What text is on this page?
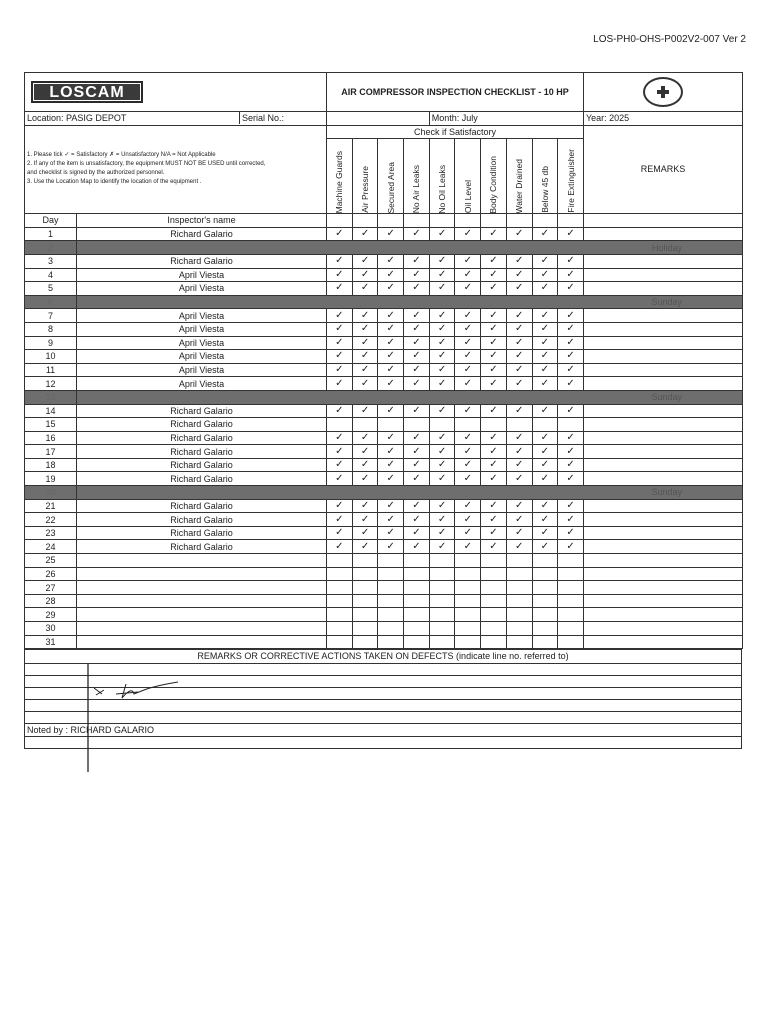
LOS-PH0-OHS-P002V2-007 Ver 2
LOSCAM		AIR COMPRESSOR INSPECTION CHECKLIST - 10 HP										

Location: PASIG DEPOT Serial No.:						Month: July						Year: 2025

1. Please tick ✓ = Satisfactory ✗ = Unsatisfactory N/A = Not Applicable
2. If any of the item is unsatisfactory, the equipment MUST NOT BE USED until corrected,
and checklist is signed by the authorized personnel.
3. Use the Location Map to identify the location of the equipment .		Check if Satisfactory										REMARKS

		Machine Guards	Air Pressure	Secured Area	No Air Leaks	No Oil Leaks	Oil Level	Body Condition	Water Drained	Below 45 db	Fire Extinguisher	

Day	Inspector's name											
1	Richard Galario	✓	✓	✓	✓	✓	✓	✓	✓	✓	✓	
2	Holiday											
3	Richard Galario	✓	✓	✓	✓	✓	✓	✓	✓	✓	✓	
4	April Viesta	✓	✓	✓	✓	✓	✓	✓	✓	✓	✓	
5	April Viesta	✓	✓	✓	✓	✓	✓	✓	✓	✓	✓	
6	Sunday											
7	April Viesta	✓	✓	✓	✓	✓	✓	✓	✓	✓	✓	
8	April Viesta	✓	✓	✓	✓	✓	✓	✓	✓	✓	✓	
9	April Viesta	✓	✓	✓	✓	✓	✓	✓	✓	✓	✓	
10	April Viesta	✓	✓	✓	✓	✓	✓	✓	✓	✓	✓	
11	April Viesta	✓	✓	✓	✓	✓	✓	✓	✓	✓	✓	
12	April Viesta	✓	✓	✓	✓	✓	✓	✓	✓	✓	✓	
13	Sunday											
14	Richard Galario	✓	✓	✓	✓	✓	✓	✓	✓	✓	✓	
15	Richard Galario											
16	Richard Galario	✓	✓	✓	✓	✓	✓	✓	✓	✓	✓	
17	Richard Galario	✓	✓	✓	✓	✓	✓	✓	✓	✓	✓	
18	Richard Galario	✓	✓	✓	✓	✓	✓	✓	✓	✓	✓	
19	Richard Galario	✓	✓	✓	✓	✓	✓	✓	✓	✓	✓	
20	Sunday											
21	Richard Galario	✓	✓	✓	✓	✓	✓	✓	✓	✓	✓	
22	Richard Galario	✓	✓	✓	✓	✓	✓	✓	✓	✓	✓	
23	Richard Galario	✓	✓	✓	✓	✓	✓	✓	✓	✓	✓	
24	Richard Galario	✓	✓	✓	✓	✓	✓	✓	✓	✓	✓	
25												
26												
27												
28												
29												
30												
31												
REMARKS OR CORRECTIVE ACTIONS TAKEN ON DEFECTS (indicate line no. referred to)

Noted by : RICHARD GALARIO
